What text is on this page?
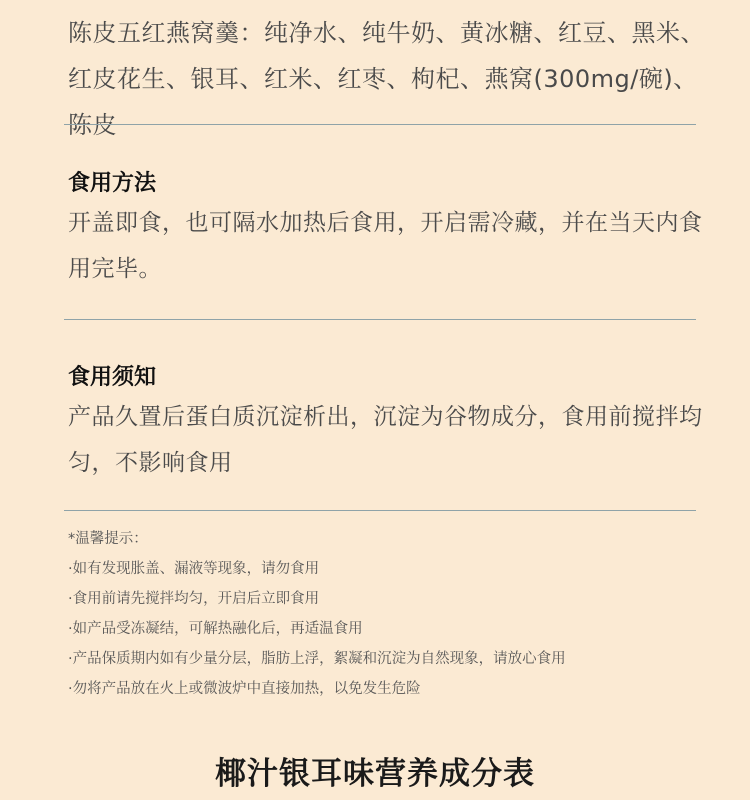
陈皮五红燕窝羹：纯净水、纯牛奶、黄冰糖、红豆、黑米、红皮花生、银耳、红米、红枣、枸杞、燕窝(300mg/碗)、陈皮

食用方法

开盖即食，也可隔水加热后食用，开启需冷藏，并在当天内食用完毕。

食用须知

产品久置后蛋白质沉淀析出，沉淀为谷物成分，食用前搅拌均匀，不影响食用

*温馨提示：
·如有发现胀盖、漏液等现象，请勿食用
·食用前请先搅拌均匀，开启后立即食用
·如产品受冻凝结，可解热融化后，再适温食用
·产品保质期内如有少量分层，脂肪上浮，絮凝和沉淀为自然现象，请放心食用
·勿将产品放在火上或微波炉中直接加热，以免发生危险
椰汁银耳味营养成分表
